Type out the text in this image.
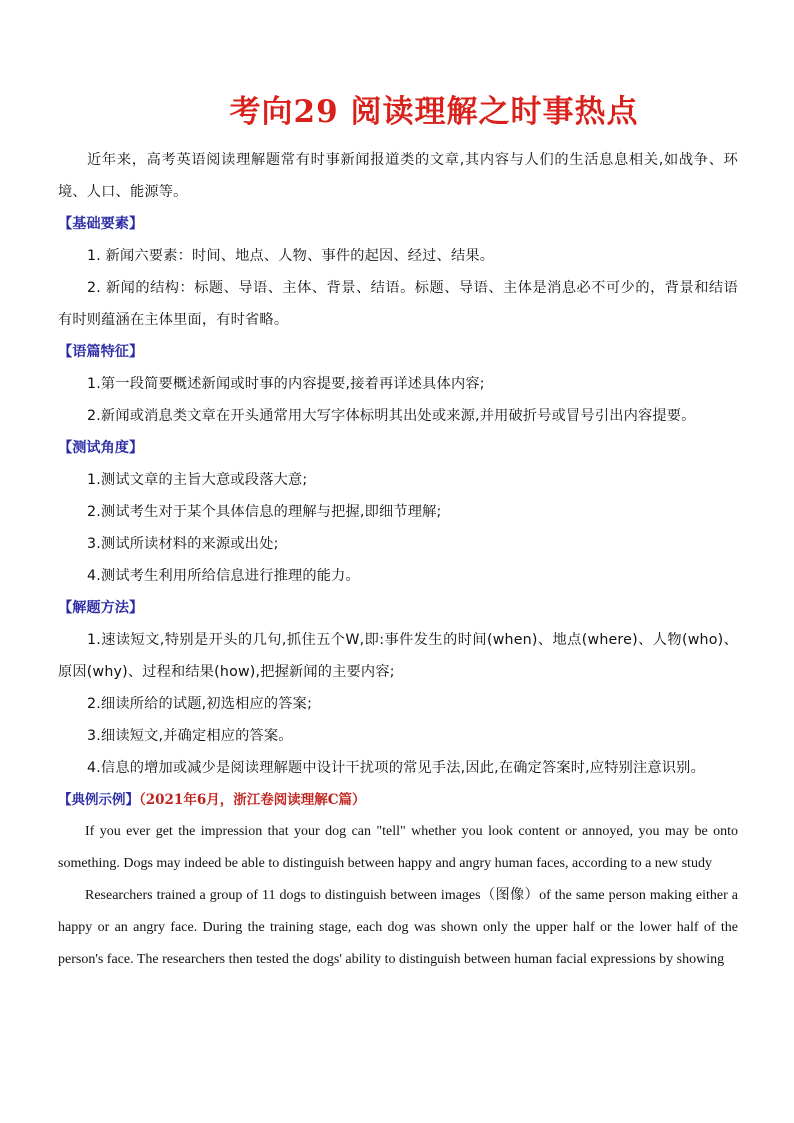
考向29 阅读理解之时事热点

近年来，高考英语阅读理解题常有时事新闻报道类的文章,其内容与人们的生活息息相关,如战争、环境、人口、能源等。

【基础要素】

1. 新闻六要素：时间、地点、人物、事件的起因、经过、结果。

2. 新闻的结构：标题、导语、主体、背景、结语。标题、导语、主体是消息必不可少的，背景和结语有时则蕴涵在主体里面，有时省略。

【语篇特征】

1.第一段简要概述新闻或时事的内容提要,接着再详述具体内容;

2.新闻或消息类文章在开头通常用大写字体标明其出处或来源,并用破折号或冒号引出内容提要。

【测试角度】

1.测试文章的主旨大意或段落大意;

2.测试考生对于某个具体信息的理解与把握,即细节理解;

3.测试所读材料的来源或出处;

4.测试考生利用所给信息进行推理的能力。

【解题方法】

1.速读短文,特别是开头的几句,抓住五个W,即:事件发生的时间(when)、地点(where)、人物(who)、原因(why)、过程和结果(how),把握新闻的主要内容;

2.细读所给的试题,初选相应的答案;

3.细读短文,并确定相应的答案。

4.信息的增加或减少是阅读理解题中设计干扰项的常见手法,因此,在确定答案时,应特别注意识别。

【典例示例】（2021年6月，浙江卷阅读理解C篇）

If you ever get the impression that your dog can "tell" whether you look content or annoyed, you may be onto something. Dogs may indeed be able to distinguish between happy and angry human faces, according to a new study

Researchers trained a group of 11 dogs to distinguish between images（图像）of the same person making either a happy or an angry face. During the training stage, each dog was shown only the upper half or the lower half of the person's face. The researchers then tested the dogs' ability to distinguish between human facial expressions by showing
